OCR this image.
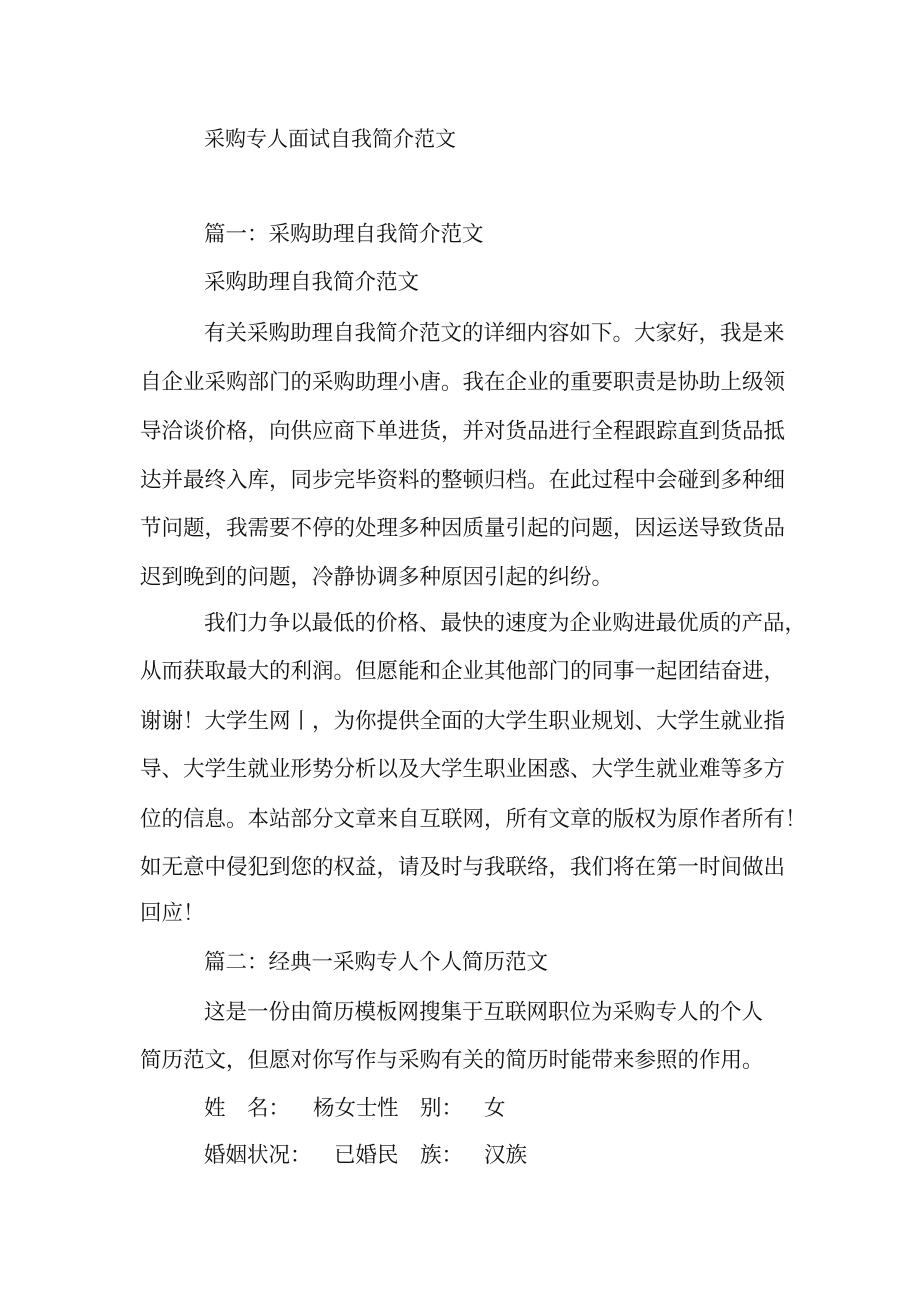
采购专人面试自我简介范文
篇一：采购助理自我简介范文
采购助理自我简介范文
有关采购助理自我简介范文的详细内容如下。大家好，我是来
自企业采购部门的采购助理小唐。我在企业的重要职责是协助上级领
导洽谈价格，向供应商下单进货，并对货品进行全程跟踪直到货品抵
达并最终入库，同步完毕资料的整顿归档。在此过程中会碰到多种细
节问题，我需要不停的处理多种因质量引起的问题，因运送导致货品
迟到晚到的问题，冷静协调多种原因引起的纠纷。
我们力争以最低的价格、最快的速度为企业购进最优质的产品，
从而获取最大的利润。但愿能和企业其他部门的同事一起团结奋进，
谢谢！大学生网丨，为你提供全面的大学生职业规划、大学生就业指
导、大学生就业形势分析以及大学生职业困惑、大学生就业难等多方
位的信息。本站部分文章来自互联网，所有文章的版权为原作者所有！
如无意中侵犯到您的权益，请及时与我联络，我们将在第一时间做出
回应！
篇二：经典一采购专人个人简历范文
这是一份由简历模板网搜集于互联网职位为采购专人的个人
简历范文，但愿对你写作与采购有关的简历时能带来参照的作用。
姓　名： 杨女士 性　别： 女
婚姻状况： 已婚 民　族： 汉族
